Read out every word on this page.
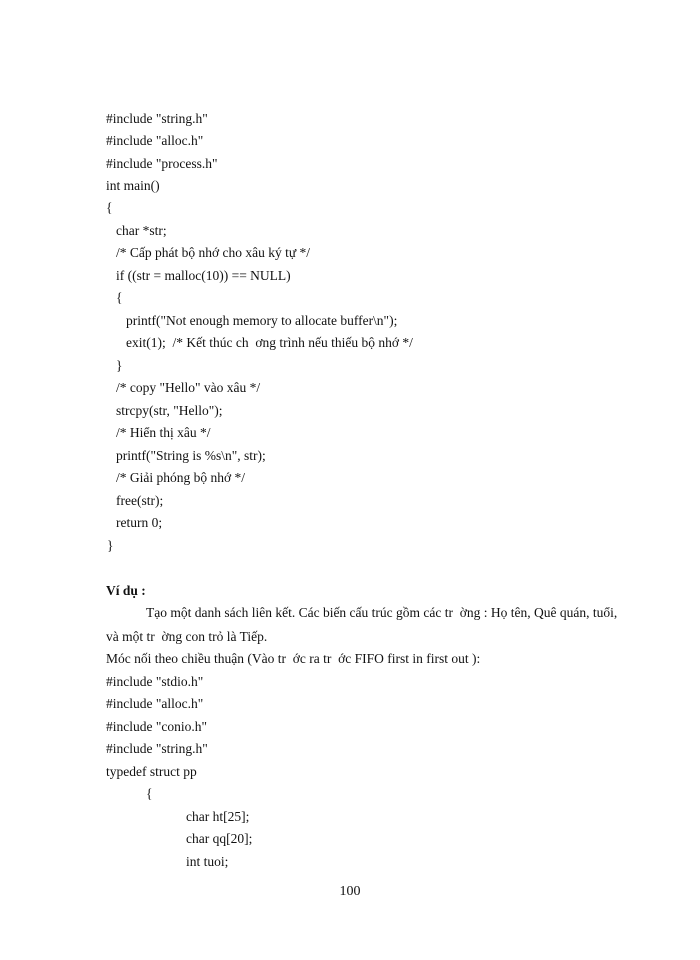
#include "string.h"
#include "alloc.h"
#include "process.h"
int main()
{
char *str;
/* Cấp phát bộ nhớ cho xâu ký tự */
if ((str = malloc(10)) == NULL)
{
printf("Not enough memory to allocate buffer\n");
exit(1);  /* Kết thúc ch  ơng trình nếu thiếu bộ nhớ */
}
/* copy "Hello" vào xâu */
strcpy(str, "Hello");
/* Hiển thị xâu */
printf("String is %s\n", str);
/* Giải phóng bộ nhớ */
free(str);
return 0;
}
Ví dụ :
Tạo một danh sách liên kết. Các biến cấu trúc gồm các tr  ờng : Họ tên, Quê quán, tuổi,
và một tr  ờng con trỏ là Tiếp.
Móc nối theo chiều thuận (Vào tr  ớc ra tr  ớc FIFO first in first out ):
#include "stdio.h"
#include "alloc.h"
#include "conio.h"
#include "string.h"
typedef struct pp
{
char ht[25];
char qq[20];
int tuoi;
100
